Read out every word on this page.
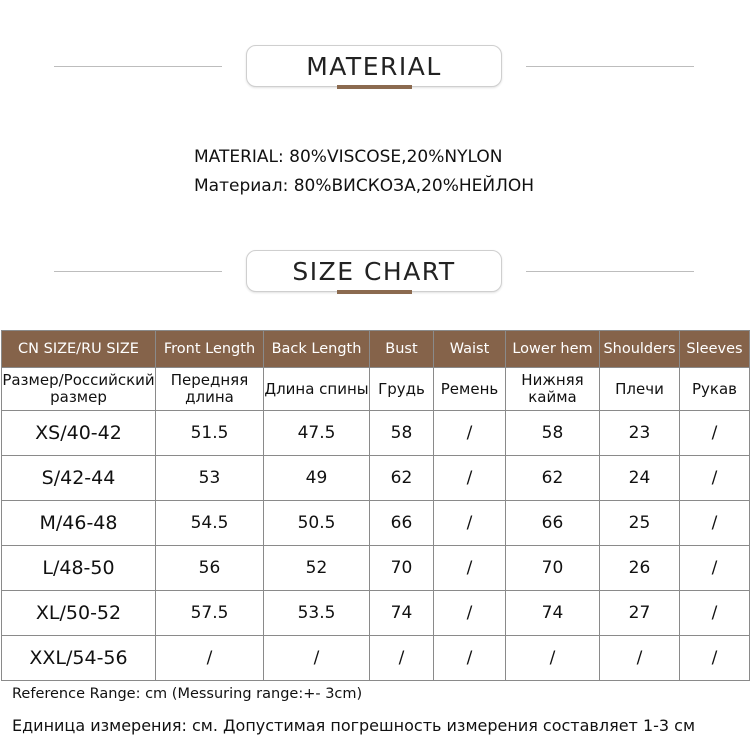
MATERIAL
MATERIAL: 80%VISCOSE,20%NYLON
Материал: 80%ВИСКОЗА,20%НЕЙЛОН
SIZE CHART
CN SIZE/RU SIZE	Front Length	Back Length	Bust	Waist	Lower hem	Shoulders	Sleeves
Размер/Российский размер	Передняя длина	Длина спины	Грудь	Ремень	Нижняя кайма	Плечи	Рукав
XS/40-42	51.5	47.5	58	/	58	23	/
S/42-44	53	49	62	/	62	24	/
M/46-48	54.5	50.5	66	/	66	25	/
L/48-50	56	52	70	/	70	26	/
XL/50-52	57.5	53.5	74	/	74	27	/
XXL/54-56	/	/	/	/	/	/	/
Reference Range: cm (Messuring range:+- 3cm)
Единица измерения: см. Допустимая погрешность измерения составляет 1-3 см
